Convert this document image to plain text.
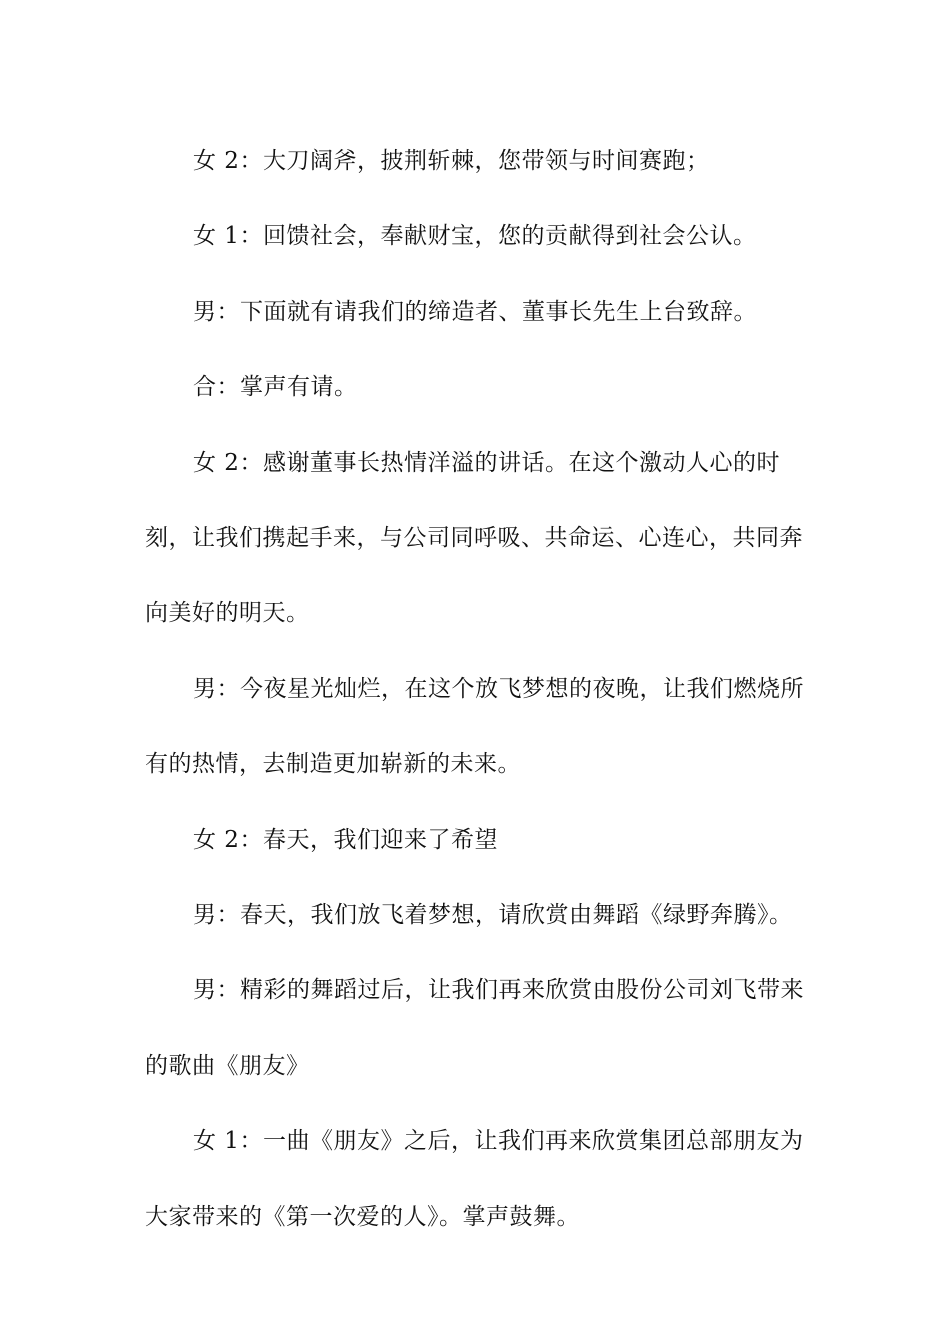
女 2：大刀阔斧，披荆斩棘，您带领与时间赛跑；

女 1：回馈社会，奉献财宝，您的贡献得到社会公认。

男：下面就有请我们的缔造者、董事长先生上台致辞。

合：掌声有请。

女 2：感谢董事长热情洋溢的讲话。在这个激动人心的时刻，让我们携起手来，与公司同呼吸、共命运、心连心，共同奔向美好的明天。

男：今夜星光灿烂，在这个放飞梦想的夜晚，让我们燃烧所有的热情，去制造更加崭新的未来。

女 2：春天，我们迎来了希望

男：春天，我们放飞着梦想，请欣赏由舞蹈《绿野奔腾》。

男：精彩的舞蹈过后，让我们再来欣赏由股份公司刘飞带来的歌曲《朋友》

女 1：一曲《朋友》之后，让我们再来欣赏集团总部朋友为大家带来的《第一次爱的人》。掌声鼓舞。
